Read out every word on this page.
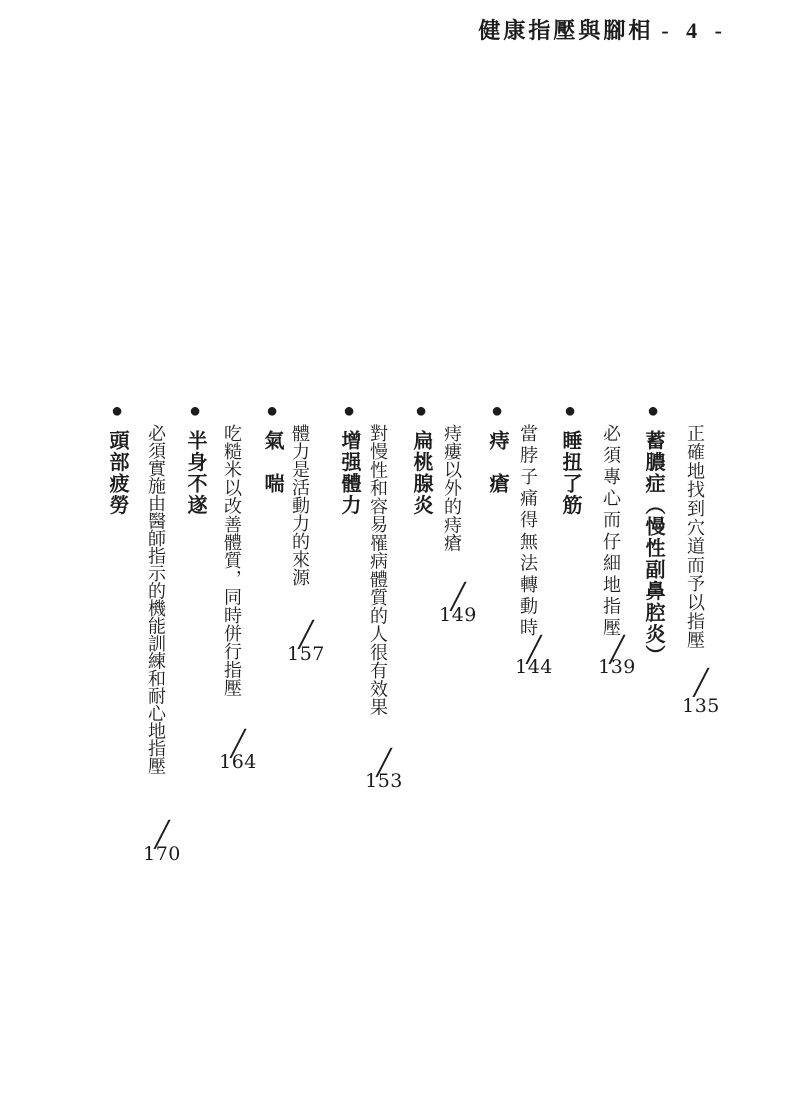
健康指壓與腳相 - 4 -
正確地找到穴道而予以指壓
╱
135
● 蓄膿症（慢性副鼻腔炎）
必須專心而仔細地指壓
╱
139
● 睡扭了筋
當脖子痛得無法轉動時
╱
144
● 痔　瘡
痔瘻以外的痔瘡
╱
149
● 扁桃腺炎
對慢性和容易罹病體質的人很有效果
╱
153
● 增强體力
體力是活動力的來源
╱
157
● 氣　喘
吃糙米以改善體質，同時併行指壓
╱
164
● 半身不遂
必須實施由醫師指示的機能訓練和耐心地指壓
╱
170
● 頭部疲勞
